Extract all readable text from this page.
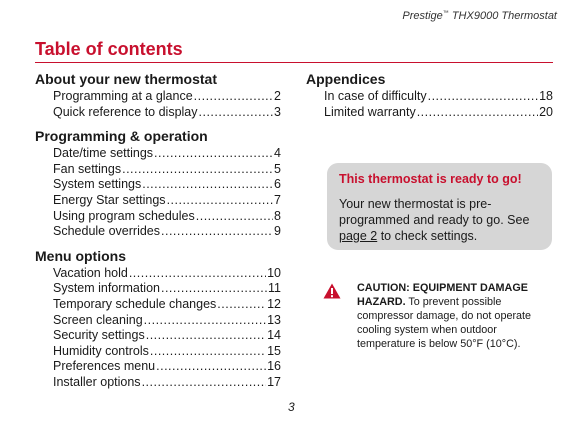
Prestige™ THX9000 Thermostat
Table of contents
About your new thermostat
Programming at a glance .....	2
Quick reference to display .....	3
Programming & operation
Date/time settings .....	4
Fan settings .....	5
System settings .....	6
Energy Star settings .....	7
Using program schedules .....	8
Schedule overrides .....	9
Menu options
Vacation hold .....	10
System information .....	11
Temporary schedule changes .....	12
Screen cleaning .....	13
Security settings .....	14
Humidity controls .....	15
Preferences menu .....	16
Installer options .....	17
Appendices
In case of difficulty .....	18
Limited warranty .....	20
This thermostat is ready to go!
Your new thermostat is pre-programmed and ready to go. See page 2 to check settings.
CAUTION: EQUIPMENT DAMAGE HAZARD. To prevent possible compressor damage, do not operate cooling system when outdoor temperature is below 50°F (10°C).
3
